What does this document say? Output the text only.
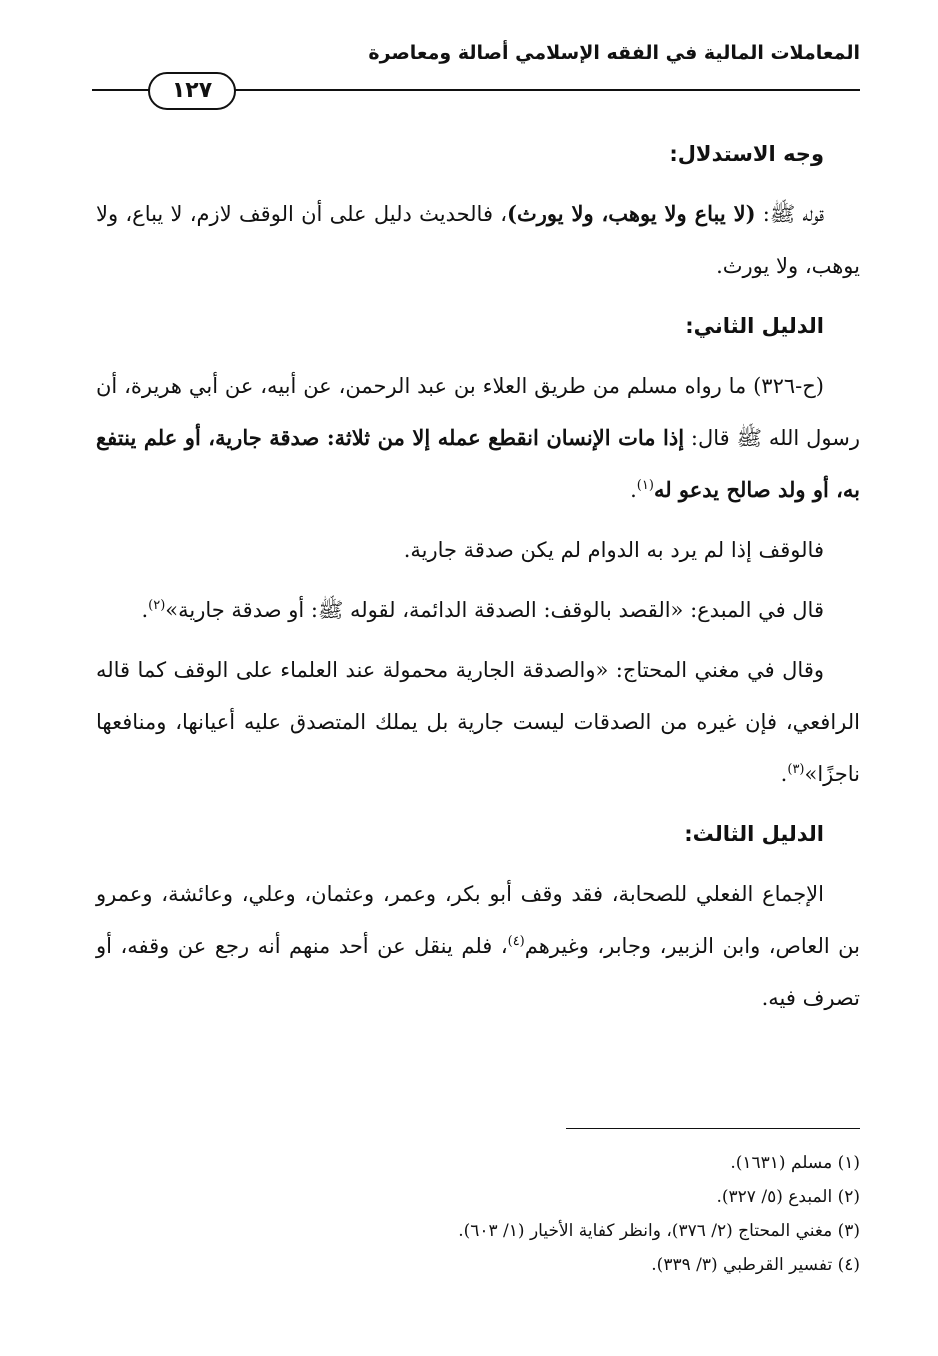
المعاملات المالية في الفقه الإسلامي أصالة ومعاصرة
١٢٧

وجه الاستدلال:

قوله ﷺ: (لا يباع ولا يوهب، ولا يورث)، فالحديث دليل على أن الوقف لازم، لا يباع، ولا يوهب، ولا يورث.

الدليل الثاني:

(ح-٣٢٦) ما رواه مسلم من طريق العلاء بن عبد الرحمن، عن أبيه، عن أبي هريرة، أن رسول الله ﷺ قال: إذا مات الإنسان انقطع عمله إلا من ثلاثة: صدقة جارية، أو علم ينتفع به، أو ولد صالح يدعو له$^{(١)}$.

فالوقف إذا لم يرد به الدوام لم يكن صدقة جارية.

قال في المبدع: «القصد بالوقف: الصدقة الدائمة، لقوله ﷺ: أو صدقة جارية»$^{(٢)}$.

وقال في مغني المحتاج: «والصدقة الجارية محمولة عند العلماء على الوقف كما قاله الرافعي، فإن غيره من الصدقات ليست جارية بل يملك المتصدق عليه أعيانها، ومنافعها ناجزًا»$^{(٣)}$.

الدليل الثالث:

الإجماع الفعلي للصحابة، فقد وقف أبو بكر، وعمر، وعثمان، وعلي، وعائشة، وعمرو بن العاص، وابن الزبير، وجابر، وغيرهم$^{(٤)}$، فلم ينقل عن أحد منهم أنه رجع عن وقفه، أو تصرف فيه.

(١) مسلم (١٦٣١).
(٢) المبدع (٥/ ٣٢٧).
(٣) مغني المحتاج (٢/ ٣٧٦)، وانظر كفاية الأخيار (١/ ٦٠٣).
(٤) تفسير القرطبي (٣/ ٣٣٩).
